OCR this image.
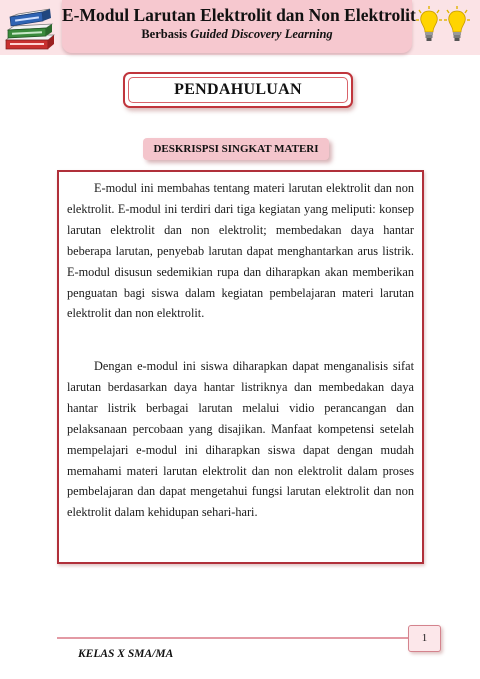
E-Modul Larutan Elektrolit dan Non Elektrolit
Berbasis Guided Discovery Learning
PENDAHULUAN
DESKRISPSI SINGKAT MATERI

E-modul ini membahas tentang materi larutan elektrolit dan non elektrolit. E-modul ini terdiri dari tiga kegiatan yang meliputi: konsep larutan elektrolit dan non elektrolit; membedakan daya hantar beberapa larutan, penyebab larutan dapat menghantarkan arus listrik. E-modul disusun sedemikian rupa dan diharapkan akan memberikan penguatan bagi siswa dalam kegiatan pembelajaran materi larutan elektrolit dan non elektrolit.

Dengan e-modul ini siswa diharapkan dapat menganalisis sifat larutan berdasarkan daya hantar listriknya dan membedakan daya hantar listrik berbagai larutan melalui vidio perancangan dan pelaksanaan percobaan yang disajikan. Manfaat kompetensi setelah mempelajari e-modul ini diharapkan siswa dapat dengan mudah memahami materi larutan elektrolit dan non elektrolit dalam proses pembelajaran dan dapat mengetahui fungsi larutan elektrolit dan non elektrolit dalam kehidupan sehari-hari.

1
KELAS X SMA/MA
